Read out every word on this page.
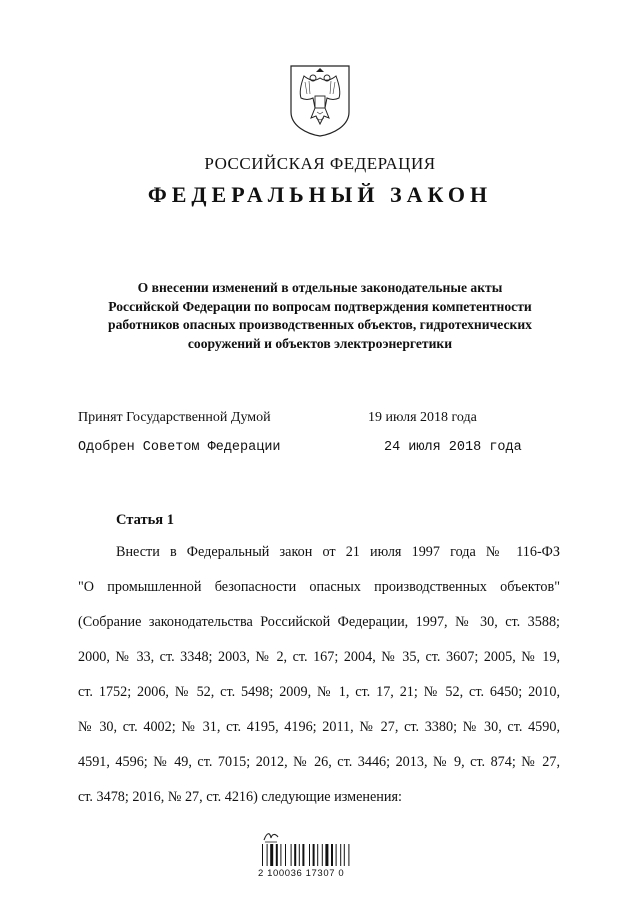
РОССИЙСКАЯ ФЕДЕРАЦИЯ
ФЕДЕРАЛЬНЫЙ ЗАКОН
О внесении изменений в отдельные законодательные акты
Российской Федерации по вопросам подтверждения компетентности
работников опасных производственных объектов, гидротехнических
сооружений и объектов электроэнергетики
Принят Государственной Думой	19 июля 2018 года
Одобрен Советом Федерации	24 июля 2018 года
Статья 1
Внести в Федеральный закон от 21 июля 1997 года № 116-ФЗ
"О промышленной безопасности опасных производственных объектов"
(Собрание законодательства Российской Федерации, 1997, № 30, ст. 3588;
2000, № 33, ст. 3348; 2003, № 2, ст. 167; 2004, № 35, ст. 3607; 2005, № 19,
ст. 1752; 2006, № 52, ст. 5498; 2009, № 1, ст. 17, 21; № 52, ст. 6450; 2010,
№ 30, ст. 4002; № 31, ст. 4195, 4196; 2011, № 27, ст. 3380; № 30, ст. 4590,
4591, 4596; № 49, ст. 7015; 2012, № 26, ст. 3446; 2013, № 9, ст. 874; № 27,
ст. 3478; 2016, № 27, ст. 4216) следующие изменения:
2 100036 17307 0
